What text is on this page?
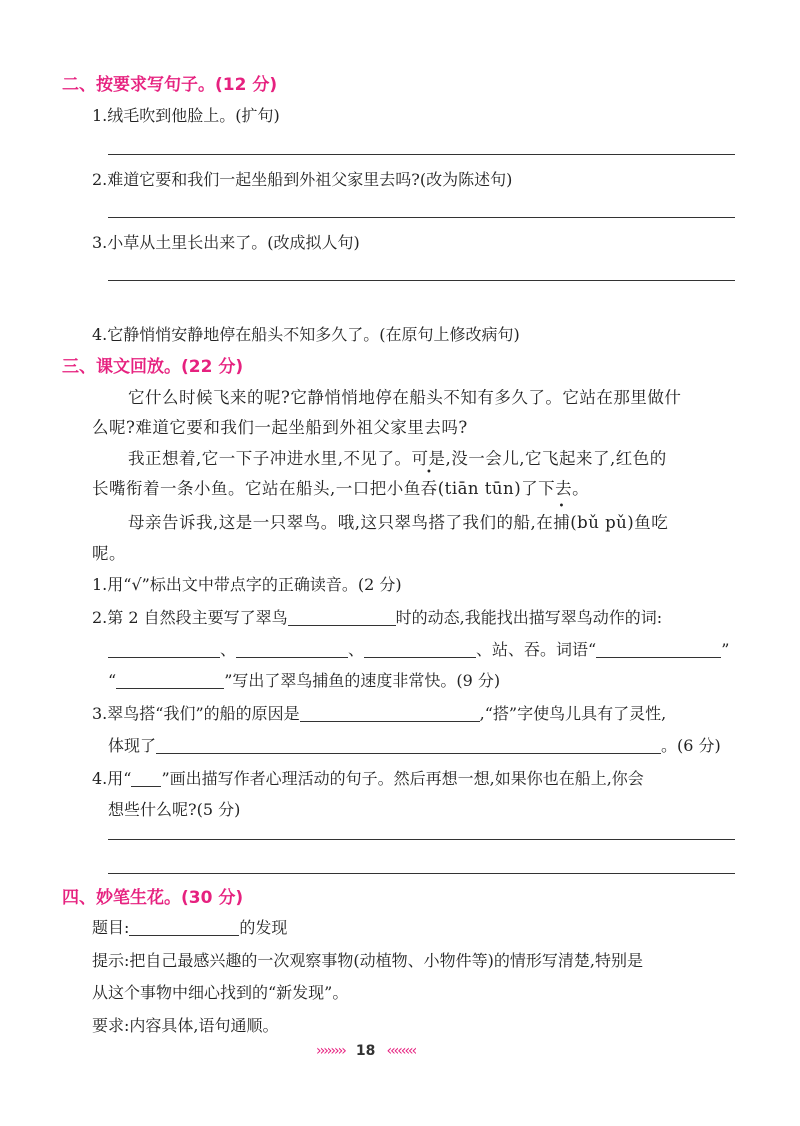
二、按要求写句子。(12 分)
1.绒毛吹到他脸上。(扩句)
2.难道它要和我们一起坐船到外祖父家里去吗?(改为陈述句)
3.小草从土里长出来了。(改成拟人句)
4.它静悄悄安静地停在船头不知多久了。(在原句上修改病句)
三、课文回放。(22 分)
它什么时候飞来的呢?它静悄悄地停在船头不知有多久了。它站在那里做什
么呢?难道它要和我们一起坐船到外祖父家里去吗?
我正想着,它一下子冲进水里,不见了。可是,没一会儿,它飞起来了,红色的
长嘴衔着一条小鱼。它站在船头,一口把小鱼吞(tiān tūn)了下去。
母亲告诉我,这是一只翠鸟。哦,这只翠鸟搭了我们的船,在捕(bǔ pǔ)鱼吃
呢。
1.用“√”标出文中带点字的正确读音。(2 分)
2.第 2 自然段主要写了翠鸟	时的动态,我能找出描写翠鸟动作的词:
、	、	、站、吞。词语“	”
“	”写出了翠鸟捕鱼的速度非常快。(9 分)
3.翠鸟搭“我们”的船的原因是	,“搭”字使鸟儿具有了灵性,
体现了	。(6 分)
4.用“ ”画出描写作者心理活动的句子。然后再想一想,如果你也在船上,你会
想些什么呢?(5 分)
四、妙笔生花。(30 分)
题目:	的发现
提示:把自己最感兴趣的一次观察事物(动植物、小物件等)的情形写清楚,特别是
从这个事物中细心找到的“新发现”。
要求:内容具体,语句通顺。
›››››››› 18 ‹‹‹‹‹‹‹‹
